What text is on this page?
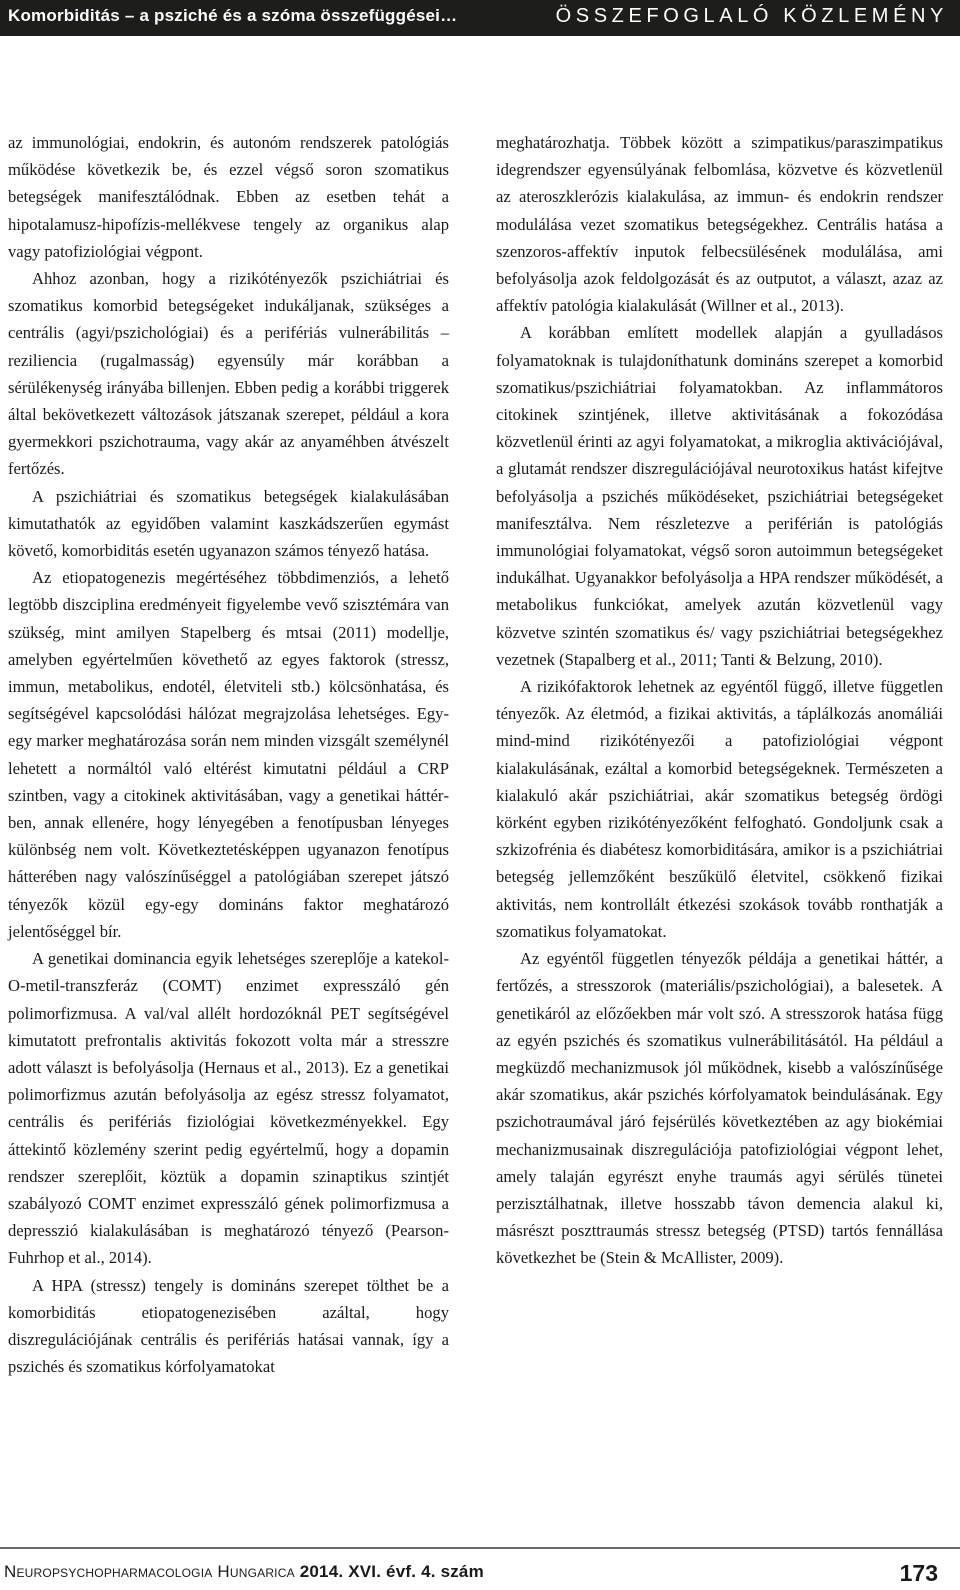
Komorbiditás – a psziché és a szóma összefüggései…	ÖSSZEFOGLALÓ KÖZLEMÉNY

az immunológiai, endokrin, és autonóm rendszerek patológiás működése következik be, és ezzel végső soron szomatikus betegségek manifesztálódnak. Ebben az esetben tehát a hipotalamusz-hipofízis-mellékvese tengely az organikus alap vagy patofiziológiai végpont.

Ahhoz azonban, hogy a rizikótényezők pszichiátriai és szomatikus komorbid betegségeket indukáljanak, szükséges a centrális (agyi/pszichológiai) és a perifériás vulnerábilitás – reziliencia (rugalmasság) egyensúly már korábban a sérülékenység irányába billenjen. Ebben pedig a korábbi triggerek által bekövetkezett változások játszanak szerepet, például a kora gyermekkori pszichotrauma, vagy akár az anyaméhben átvészelt fertőzés.

A pszichiátriai és szomatikus betegségek kialakulásában kimutathatók az egyidőben valamint kaszkádszerűen egymást követő, komorbiditás esetén ugyanazon számos tényező hatása.

Az etiopatogenezis megértéséhez többdimenziós, a lehető legtöbb diszciplina eredményeit figyelembe vevő szisztémára van szükség, mint amilyen Stapelberg és mtsai (2011) modellje, amelyben egyértelműen követhető az egyes faktorok (stressz, immun, metabolikus, endotél, életviteli stb.) kölcsönhatása, és segítségével kapcsolódási hálózat megrajzolása lehetséges. Egy-egy marker meghatározása során nem minden vizsgált személynél lehetett a normáltól való eltérést kimutatni például a CRP szintben, vagy a citokinek aktivitásában, vagy a genetikai háttérben, annak ellenére, hogy lényegében a fenotípusban lényeges különbség nem volt. Következtetésképpen ugyanazon fenotípus hátterében nagy valószínűséggel a patológiában szerepet játszó tényezők közül egy-egy domináns faktor meghatározó jelentőséggel bír.

A genetikai dominancia egyik lehetséges szereplője a katekol-O-metil-transzferáz (COMT) enzimet expresszáló gén polimorfizmusa. A val/val allélt hordozóknál PET segítségével kimutatott prefrontalis aktivitás fokozott volta már a stresszre adott választ is befolyásolja (Hernaus et al., 2013). Ez a genetikai polimorfizmus azután befolyásolja az egész stressz folyamatot, centrális és perifériás fiziológiai következményekkel. Egy áttekintő közlemény szerint pedig egyértelmű, hogy a dopamin rendszer szereplőit, köztük a dopamin szinaptikus szintjét szabályozó COMT enzimet expresszáló gének polimorfizmusa a depresszió kialakulásában is meghatározó tényező (Pearson-Fuhrhop et al., 2014).

A HPA (stressz) tengely is domináns szerepet tölthet be a komorbiditás etiopatogenezisében azáltal, hogy diszregulációjának centrális és perifériás hatásai vannak, így a pszichés és szomatikus kórfolyamatokat

meghatározhatja. Többek között a szimpatikus/paraszimpatikus idegrendszer egyensúlyának felbomlása, közvetve és közvetlenül az ateroszklerózis kialakulása, az immun- és endokrin rendszer modulálása vezet szomatikus betegségekhez. Centrális hatása a szenzoros-affektív inputok felbecsülésének modulálása, ami befolyásolja azok feldolgozását és az outputot, a választ, azaz az affektív patológia kialakulását (Willner et al., 2013).

A korábban említett modellek alapján a gyulladásos folyamatoknak is tulajdoníthatunk domináns szerepet a komorbid szomatikus/pszichiátriai folyamatokban. Az inflammátoros citokinek szintjének, illetve aktivitásának a fokozódása közvetlenül érinti az agyi folyamatokat, a mikroglia aktivációjával, a glutamát rendszer diszregulációjával neurotoxikus hatást kifejtve befolyásolja a pszichés működéseket, pszichiátriai betegségeket manifesztálva. Nem részletezve a periférián is patológiás immunológiai folyamatokat, végső soron autoimmun betegségeket indukálhat. Ugyanakkor befolyásolja a HPA rendszer működését, a metabolikus funkciókat, amelyek azután közvetlenül vagy közvetve szintén szomatikus és/ vagy pszichiátriai betegségekhez vezetnek (Stapalberg et al., 2011; Tanti & Belzung, 2010).

A rizikófaktorok lehetnek az egyéntől függő, illetve független tényezők. Az életmód, a fizikai aktivitás, a táplálkozás anomáliái mind-mind rizikótényezői a patofiziológiai végpont kialakulásának, ezáltal a komorbid betegségeknek. Természeten a kialakuló akár pszichiátriai, akár szomatikus betegség ördögi körként egyben rizikótényezőként felfogható. Gondoljunk csak a szkizofrénia és diabétesz komorbiditására, amikor is a pszichiátriai betegség jellemzőként beszűkülő életvitel, csökkenő fizikai aktivitás, nem kontrollált étkezési szokások tovább ronthatják a szomatikus folyamatokat.

Az egyéntől független tényezők példája a genetikai háttér, a fertőzés, a stresszorok (materiális/pszichológiai), a balesetek. A genetikáról az előzőekben már volt szó. A stresszorok hatása függ az egyén pszichés és szomatikus vulnerábilitásától. Ha például a megküzdő mechanizmusok jól működnek, kisebb a valószínűsége akár szomatikus, akár pszichés kórfolyamatok beindulásának. Egy pszichotraumával járó fejsérülés következtében az agy biokémiai mechanizmusainak diszregulációja patofiziológiai végpont lehet, amely talaján egyrészt enyhe traumás agyi sérülés tünetei perzisztálhatnak, illetve hosszabb távon demencia alakul ki, másrészt poszttraumás stressz betegség (PTSD) tartós fennállása következhet be (Stein & McAllister, 2009).

Neuropsychopharmacologia Hungarica 2014. XVI. évf. 4. szám	173
